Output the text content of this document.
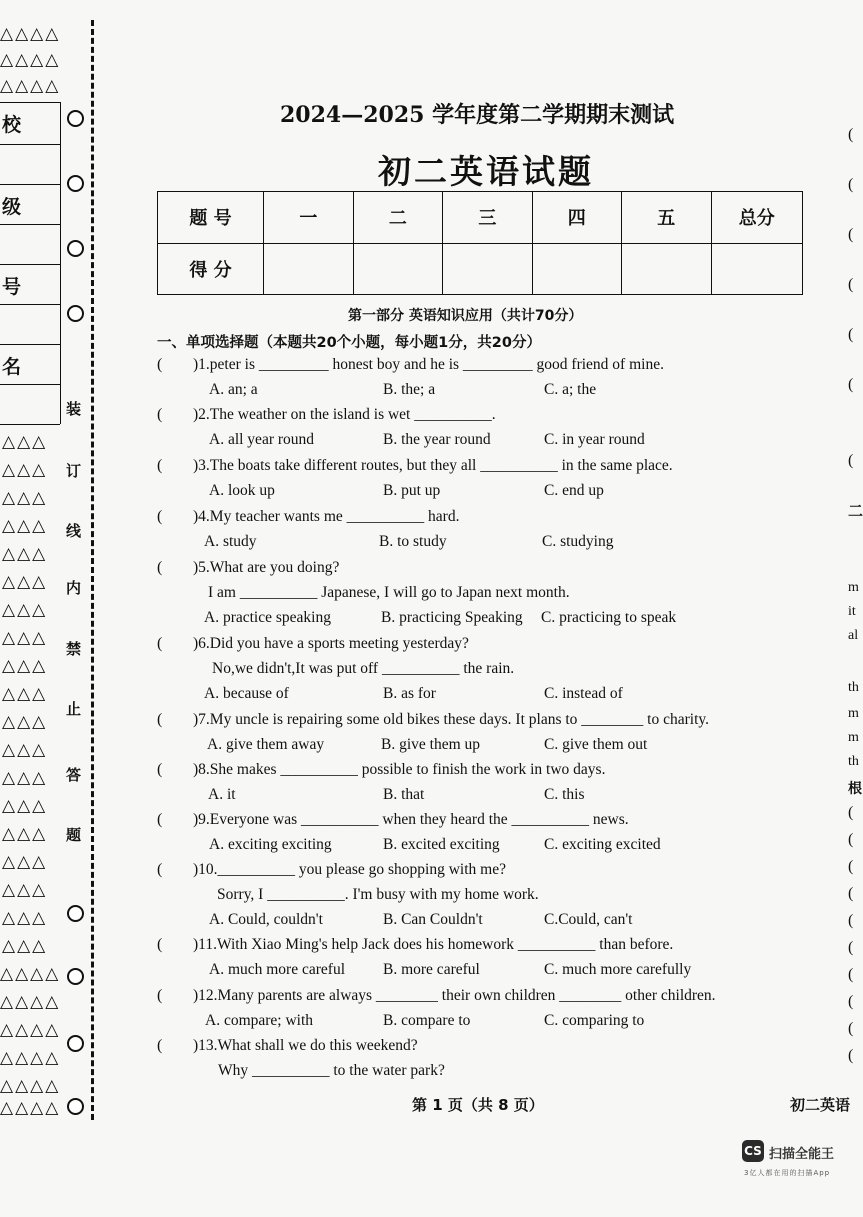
△△△△
△△△△
△△△△
校
级
号
名
装
订
线
内
禁
止
答
题
△△△
△△△
△△△
△△△
△△△
△△△
△△△
△△△
△△△
△△△
△△△
△△△
△△△
△△△
△△△
△△△
△△△
△△△
△△△
△△△△
△△△△
△△△△
△△△△
△△△△
△△△△
2024—2025 学年度第二学期期末测试
初二英语试题
题 号	一	二	三	四	五	总分
得 分						
第一部分 英语知识应用（共计70分）
一、单项选择题（本题共20个小题，每小题1分，共20分）
( )1.peter is _________ honest boy and he is _________ good friend of mine.
A. an; a	B. the; a	C. a; the
( )2.The weather on the island is wet __________.
A. all year round	B. the year round	C. in year round
( )3.The boats take different routes, but they all __________ in the same place.
A. look up	B. put up	C. end up
( )4.My teacher wants me __________ hard.
A. study	B. to study	C. studying
( )5.What are you doing?
I am __________ Japanese, I will go to Japan next month.
A. practice speaking	B. practicing Speaking C. practicing to speak
( )6.Did you have a sports meeting yesterday?
No,we didn't,It was put off __________ the rain.
A. because of	B. as for	C. instead of
( )7.My uncle is repairing some old bikes these days. It plans to ________ to charity.
A. give them away	B. give them up	C. give them out
( )8.She makes __________ possible to finish the work in two days.
A. it	B. that	C. this
( )9.Everyone was __________ when they heard the __________ news.
A. exciting exciting	B. excited exciting	C. exciting excited
( )10.__________ you please go shopping with me?
Sorry, I __________. I'm busy with my home work.
A. Could, couldn't	B. Can Couldn't	C.Could, can't
( )11.With Xiao Ming's help Jack does his homework __________ than before.
A. much more careful B. more careful	C. much more carefully
( )12.Many parents are always ________ their own children ________ other children.
A. compare; with	B. compare to	C. comparing to
( )13.What shall we do this weekend?
Why __________ to the water park?
第 1 页（共 8 页）	初二英语
(
(
(
(
(
(
(
二
m
it
al
th
m
m
th
根
(
(
(
(
(
(
(
(
(
(
CS 扫描全能王
3亿人都在用的扫描App
